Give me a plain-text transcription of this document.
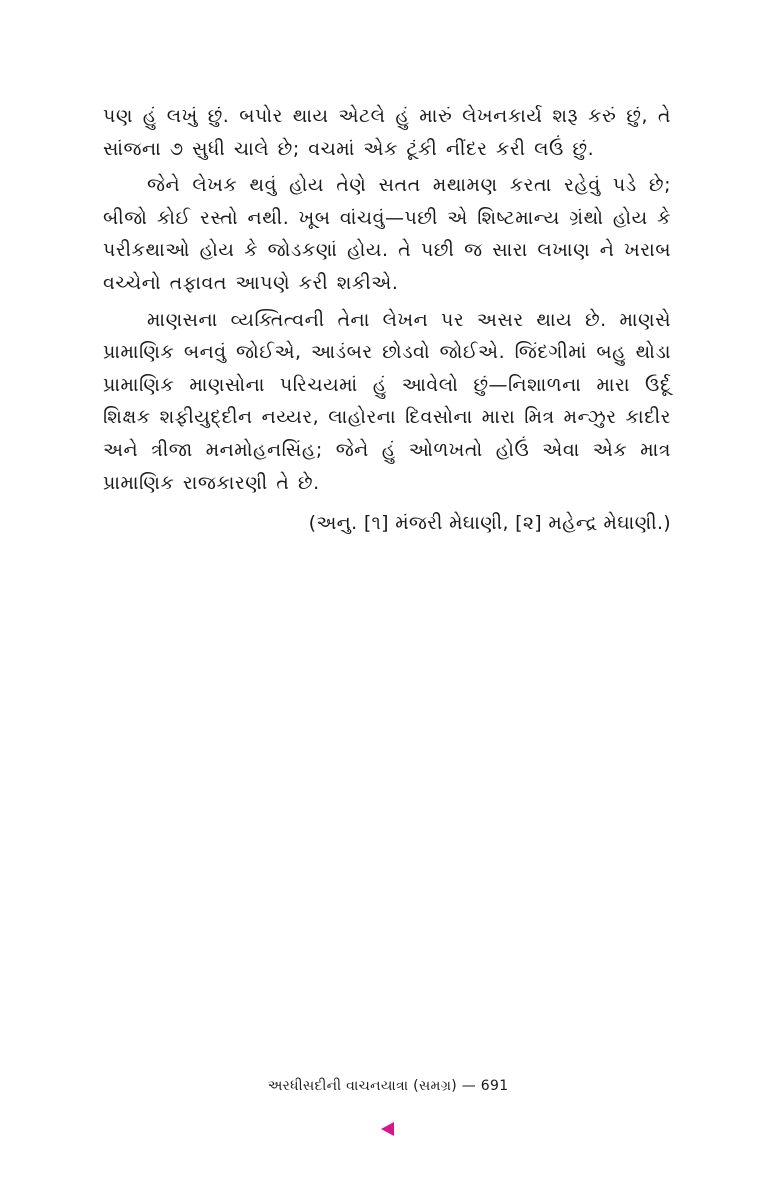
પણ હું લખું છું. બપોર થાય એટલે હું મારું લેખનકાર્ય શરૂ કરું છું, તે સાંજના ૭ સુધી ચાલે છે; વચમાં એક ટૂંકી નીંદર કરી લઉં છું.

જેને લેખક થવું હોય તેણે સતત મથામણ કરતા રહેવું પડે છે; બીજો કોઈ રસ્તો નથી. ખૂબ વાંચવું—પછી એ શિષ્ટમાન્ય ગ્રંથો હોય કે પરીકથાઓ હોય કે જોડકણાં હોય. તે પછી જ સારા લખાણ ને ખરાબ વચ્ચેનો તફાવત આપણે કરી શકીએ.

માણસના વ્યક્તિત્વની તેના લેખન પર અસર થાય છે. માણસે પ્રામાણિક બનવું જોઈએ, આડંબર છોડવો જોઈએ. જિંદગીમાં બહુ થોડા પ્રામાણિક માણસોના પરિચયમાં હું આવેલો છું—નિશાળના મારા ઉર્દૂ શિક્ષક શફીયુદ્દીન નય્યર, લાહોરના દિવસોના મારા મિત્ર મન્ઝુર કાદીર અને ત્રીજા મનમોહનસિંહ; જેને હું ઓળખતો હોઉં એવા એક માત્ર પ્રામાણિક રાજકારણી તે છે.

(અનુ. [૧] મંજરી મેઘાણી, [૨] મહેન્દ્ર મેઘાણી.)

અરધીસદીની વાચનયાત્રા (સમગ્ર) — 691
